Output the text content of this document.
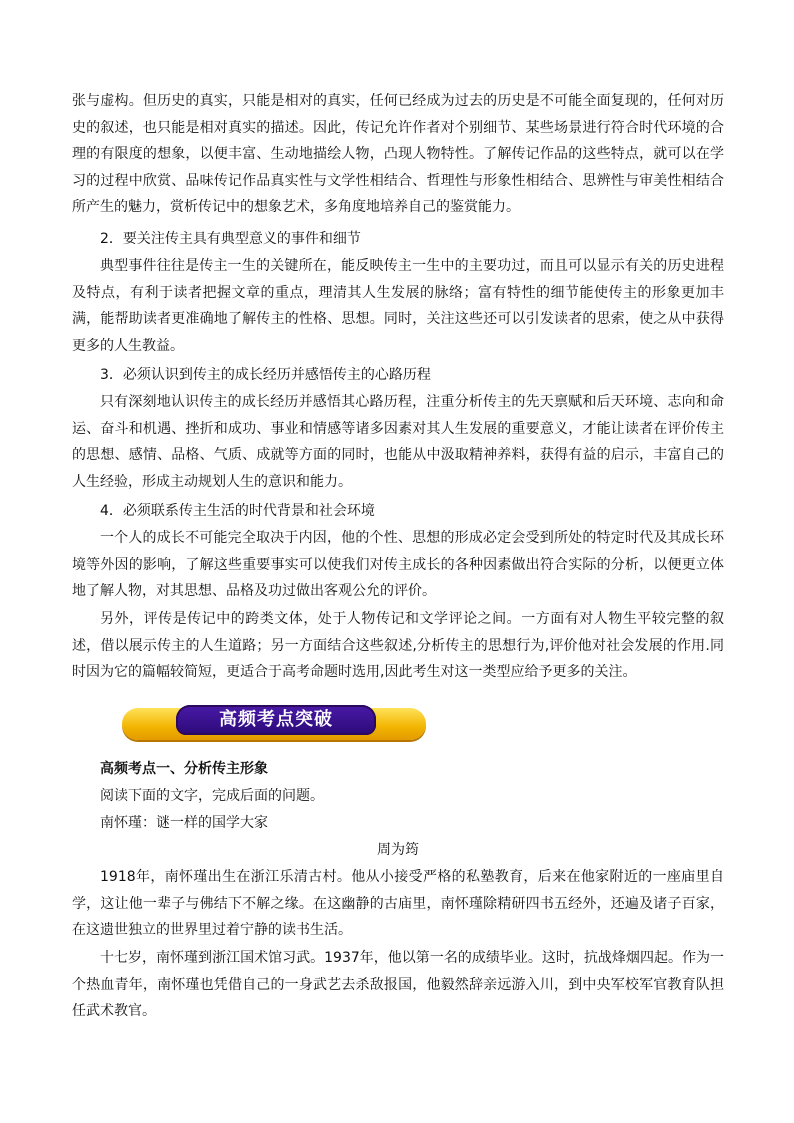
张与虚构。但历史的真实，只能是相对的真实，任何已经成为过去的历史是不可能全面复现的，任何对历史的叙述，也只能是相对真实的描述。因此，传记允许作者对个别细节、某些场景进行符合时代环境的合理的有限度的想象，以便丰富、生动地描绘人物，凸现人物特性。了解传记作品的这些特点，就可以在学习的过程中欣赏、品味传记作品真实性与文学性相结合、哲理性与形象性相结合、思辨性与审美性相结合所产生的魅力，赏析传记中的想象艺术，多角度地培养自己的鉴赏能力。

2．要关注传主具有典型意义的事件和细节

典型事件往往是传主一生的关键所在，能反映传主一生中的主要功过，而且可以显示有关的历史进程及特点，有利于读者把握文章的重点，理清其人生发展的脉络；富有特性的细节能使传主的形象更加丰满，能帮助读者更准确地了解传主的性格、思想。同时，关注这些还可以引发读者的思索，使之从中获得更多的人生教益。

3．必须认识到传主的成长经历并感悟传主的心路历程

只有深刻地认识传主的成长经历并感悟其心路历程，注重分析传主的先天禀赋和后天环境、志向和命运、奋斗和机遇、挫折和成功、事业和情感等诸多因素对其人生发展的重要意义，才能让读者在评价传主的思想、感情、品格、气质、成就等方面的同时，也能从中汲取精神养料，获得有益的启示，丰富自己的人生经验，形成主动规划人生的意识和能力。

4．必须联系传主生活的时代背景和社会环境

一个人的成长不可能完全取决于内因，他的个性、思想的形成必定会受到所处的特定时代及其成长环境等外因的影响，了解这些重要事实可以使我们对传主成长的各种因素做出符合实际的分析，以便更立体地了解人物，对其思想、品格及功过做出客观公允的评价。

另外，评传是传记中的跨类文体，处于人物传记和文学评论之间。一方面有对人物生平较完整的叙述，借以展示传主的人生道路；另一方面结合这些叙述,分析传主的思想行为,评价他对社会发展的作用.同时因为它的篇幅较简短，更适合于高考命题时选用,因此考生对这一类型应给予更多的关注。

高频考点突破

高频考点一、分析传主形象

阅读下面的文字，完成后面的问题。

南怀瑾：谜一样的国学大家

周为筠

1918年，南怀瑾出生在浙江乐清古村。他从小接受严格的私塾教育，后来在他家附近的一座庙里自学，这让他一辈子与佛结下不解之缘。在这幽静的古庙里，南怀瑾除精研四书五经外，还遍及诸子百家，在这遗世独立的世界里过着宁静的读书生活。

十七岁，南怀瑾到浙江国术馆习武。1937年，他以第一名的成绩毕业。这时，抗战烽烟四起。作为一个热血青年，南怀瑾也凭借自己的一身武艺去杀敌报国，他毅然辞亲远游入川，到中央军校军官教育队担任武术教官。
